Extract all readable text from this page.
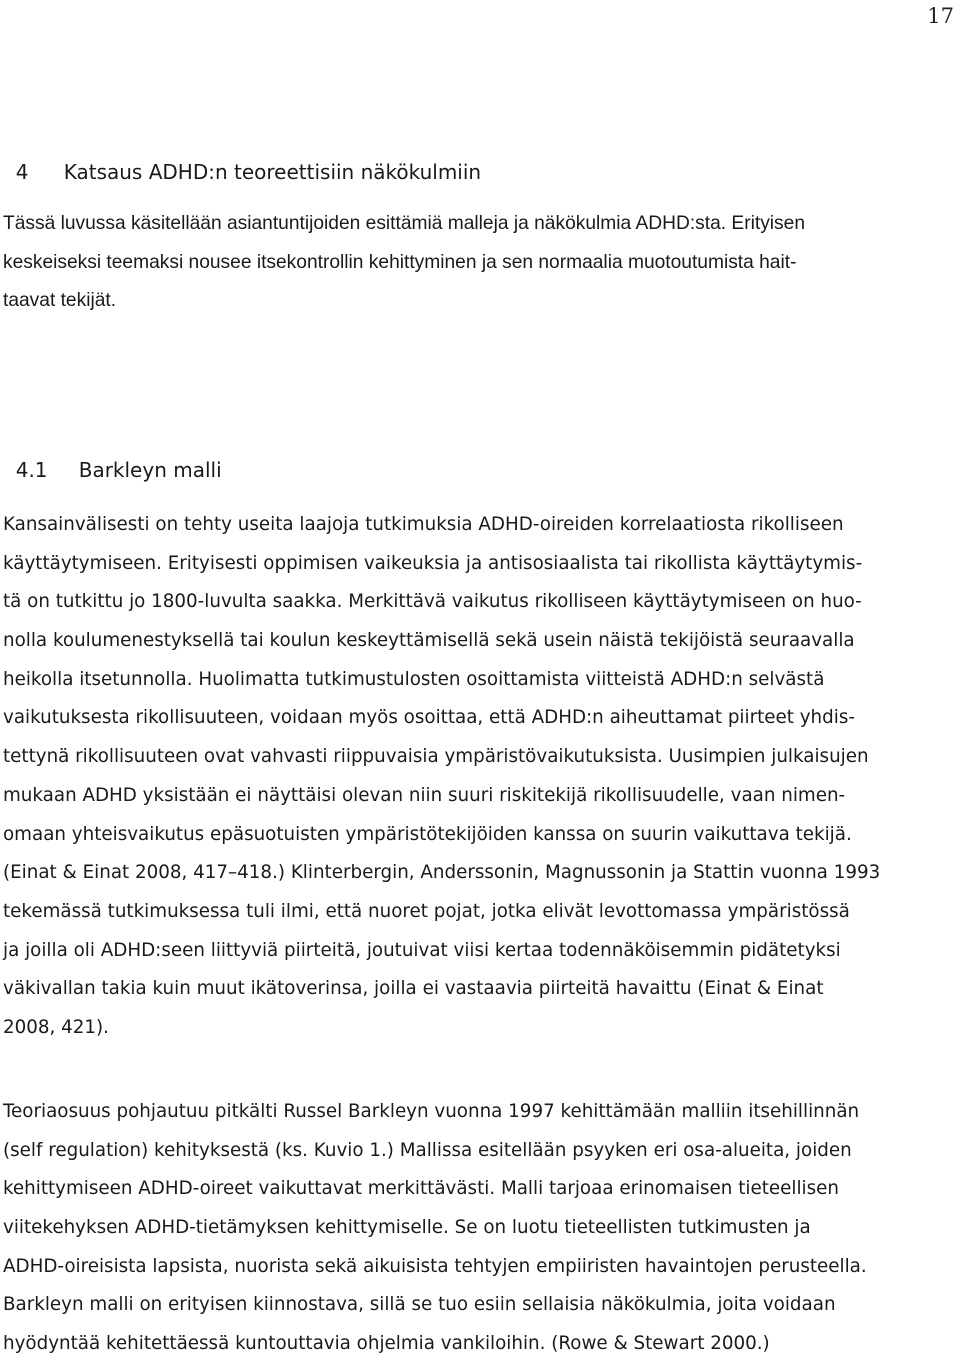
17

4 Katsaus ADHD:n teoreettisiin näkökulmiin

Tässä luvussa käsitellään asiantuntijoiden esittämiä malleja ja näkökulmia ADHD:sta. Erityisen
keskeiseksi teemaksi nousee itsekontrollin kehittyminen ja sen normaalia muotoutumista hait-
taavat tekijät.

4.1 Barkleyn malli

Kansainvälisesti on tehty useita laajoja tutkimuksia ADHD-oireiden korrelaatiosta rikolliseen
käyttäytymiseen. Erityisesti oppimisen vaikeuksia ja antisosiaalista tai rikollista käyttäytymis-
tä on tutkittu jo 1800-luvulta saakka. Merkittävä vaikutus rikolliseen käyttäytymiseen on huo-
nolla koulumenestyksellä tai koulun keskeyttämisellä sekä usein näistä tekijöistä seuraavalla
heikolla itsetunnolla. Huolimatta tutkimustulosten osoittamista viitteistä ADHD:n selvästä
vaikutuksesta rikollisuuteen, voidaan myös osoittaa, että ADHD:n aiheuttamat piirteet yhdis-
tettynä rikollisuuteen ovat vahvasti riippuvaisia ympäristövaikutuksista. Uusimpien julkaisujen
mukaan ADHD yksistään ei näyttäisi olevan niin suuri riskitekijä rikollisuudelle, vaan nimen-
omaan yhteisvaikutus epäsuotuisten ympäristötekijöiden kanssa on suurin vaikuttava tekijä.
(Einat & Einat 2008, 417–418.) Klinterbergin, Anderssonin, Magnussonin ja Stattin vuonna 1993
tekemässä tutkimuksessa tuli ilmi, että nuoret pojat, jotka elivät levottomassa ympäristössä
ja joilla oli ADHD:seen liittyviä piirteitä, joutuivat viisi kertaa todennäköisemmin pidätetyksi
väkivallan takia kuin muut ikätoverinsa, joilla ei vastaavia piirteitä havaittu (Einat & Einat
2008, 421).
Teoriaosuus pohjautuu pitkälti Russel Barkleyn vuonna 1997 kehittämään malliin itsehillinnän
(self regulation) kehityksestä (ks. Kuvio 1.) Mallissa esitellään psyyken eri osa-alueita, joiden
kehittymiseen ADHD-oireet vaikuttavat merkittävästi. Malli tarjoaa erinomaisen tieteellisen
viitekehyksen ADHD-tietämyksen kehittymiselle. Se on luotu tieteellisten tutkimusten ja
ADHD-oireisista lapsista, nuorista sekä aikuisista tehtyjen empiiristen havaintojen perusteella.
Barkleyn malli on erityisen kiinnostava, sillä se tuo esiin sellaisia näkökulmia, joita voidaan
hyödyntää kehitettäessä kuntouttavia ohjelmia vankiloihin. (Rowe & Stewart 2000.)
